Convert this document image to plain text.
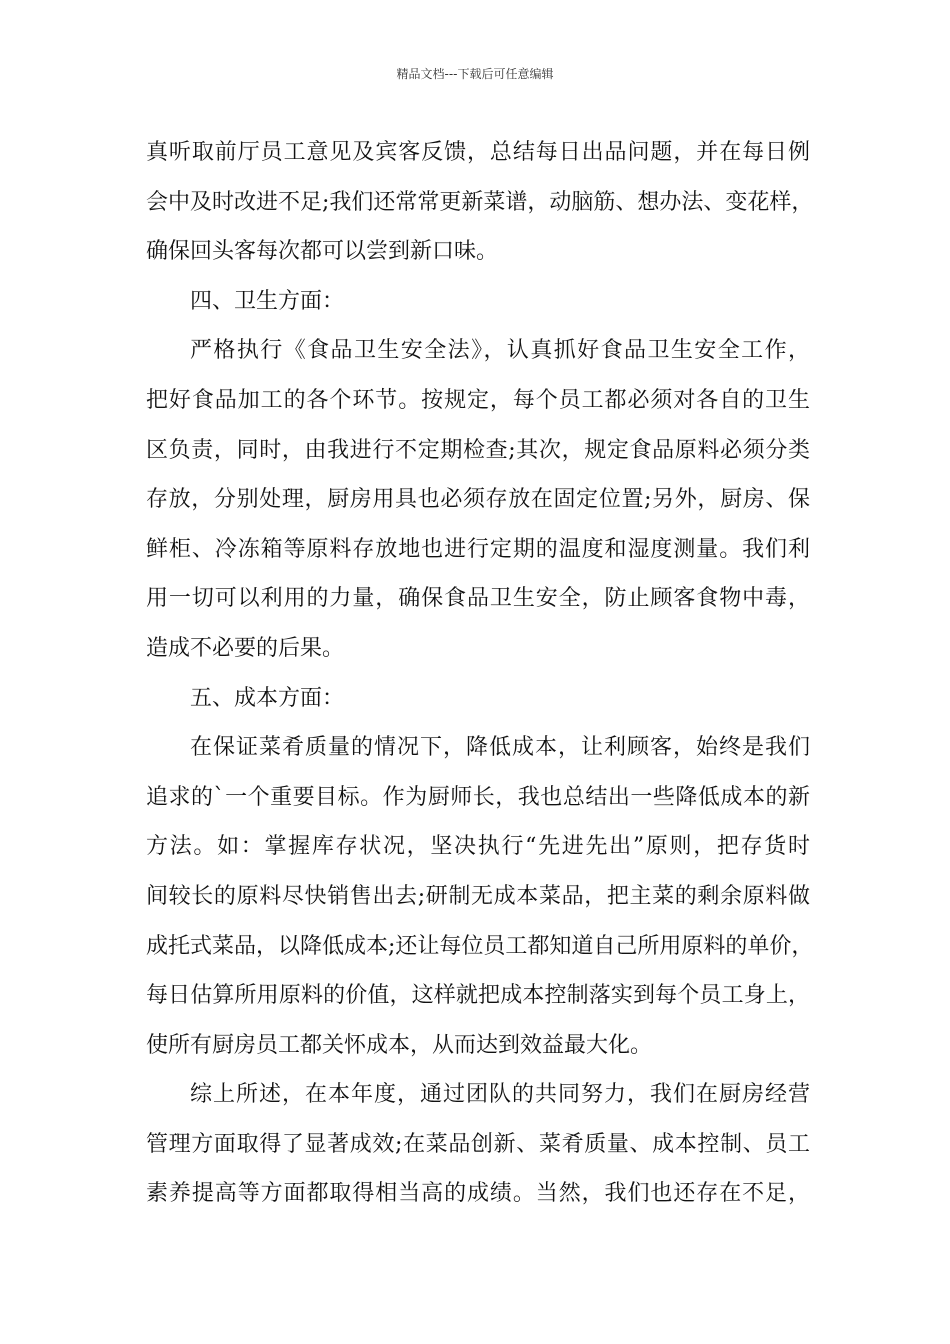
精品文档---下载后可任意编辑
真听取前厅员工意见及宾客反馈，总结每日出品问题，并在每日例
会中及时改进不足;我们还常常更新菜谱，动脑筋、想办法、变花样，
确保回头客每次都可以尝到新口味。
四、卫生方面：
严格执行《食品卫生安全法》，认真抓好食品卫生安全工作，
把好食品加工的各个环节。按规定，每个员工都必须对各自的卫生
区负责，同时，由我进行不定期检查;其次，规定食品原料必须分类
存放，分别处理，厨房用具也必须存放在固定位置;另外，厨房、保
鲜柜、冷冻箱等原料存放地也进行定期的温度和湿度测量。我们利
用一切可以利用的力量，确保食品卫生安全，防止顾客食物中毒，
造成不必要的后果。
五、成本方面：
在保证菜肴质量的情况下，降低成本，让利顾客，始终是我们
追求的`一个重要目标。作为厨师长，我也总结出一些降低成本的新
方法。如：掌握库存状况，坚决执行“先进先出”原则，把存货时
间较长的原料尽快销售出去;研制无成本菜品，把主菜的剩余原料做
成托式菜品，以降低成本;还让每位员工都知道自己所用原料的单价，
每日估算所用原料的价值，这样就把成本控制落实到每个员工身上，
使所有厨房员工都关怀成本，从而达到效益最大化。
综上所述，在本年度，通过团队的共同努力，我们在厨房经营
管理方面取得了显著成效;在菜品创新、菜肴质量、成本控制、员工
素养提高等方面都取得相当高的成绩。当然，我们也还存在不足，
